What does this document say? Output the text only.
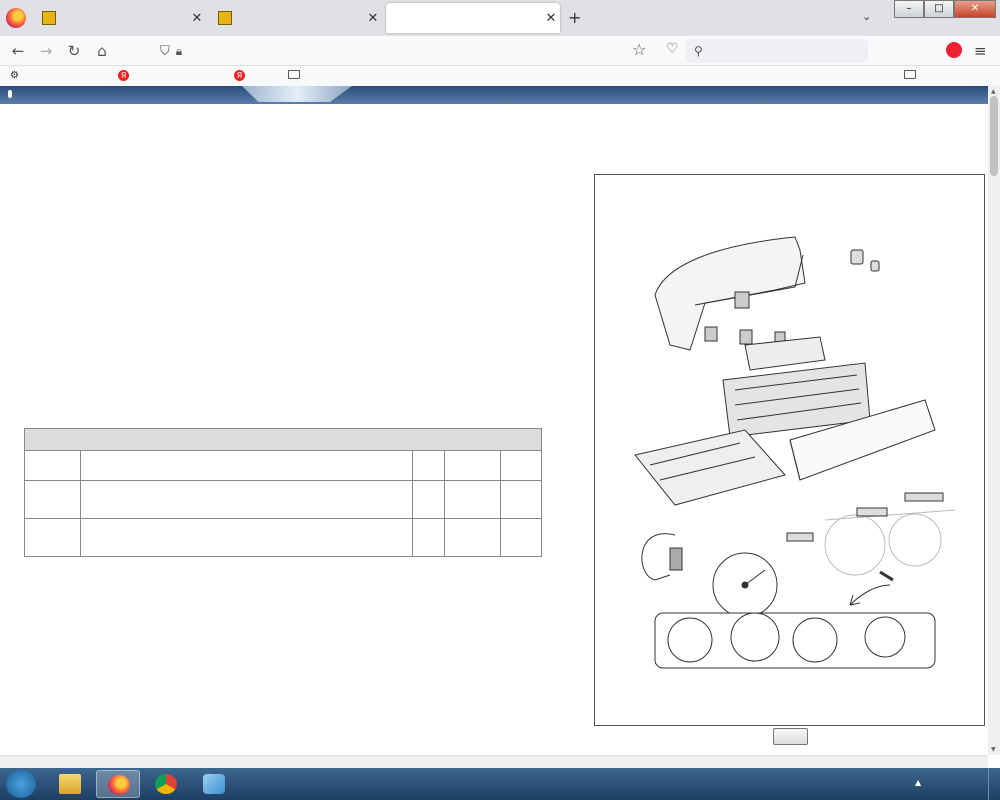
✕	✕	✕ +	⌄
–	□	✕
← → ↻	⌂	⛉ 🔒︎	☆ ♡ ⚲	≡
⚙	Я	Я

▲
▼
▲
